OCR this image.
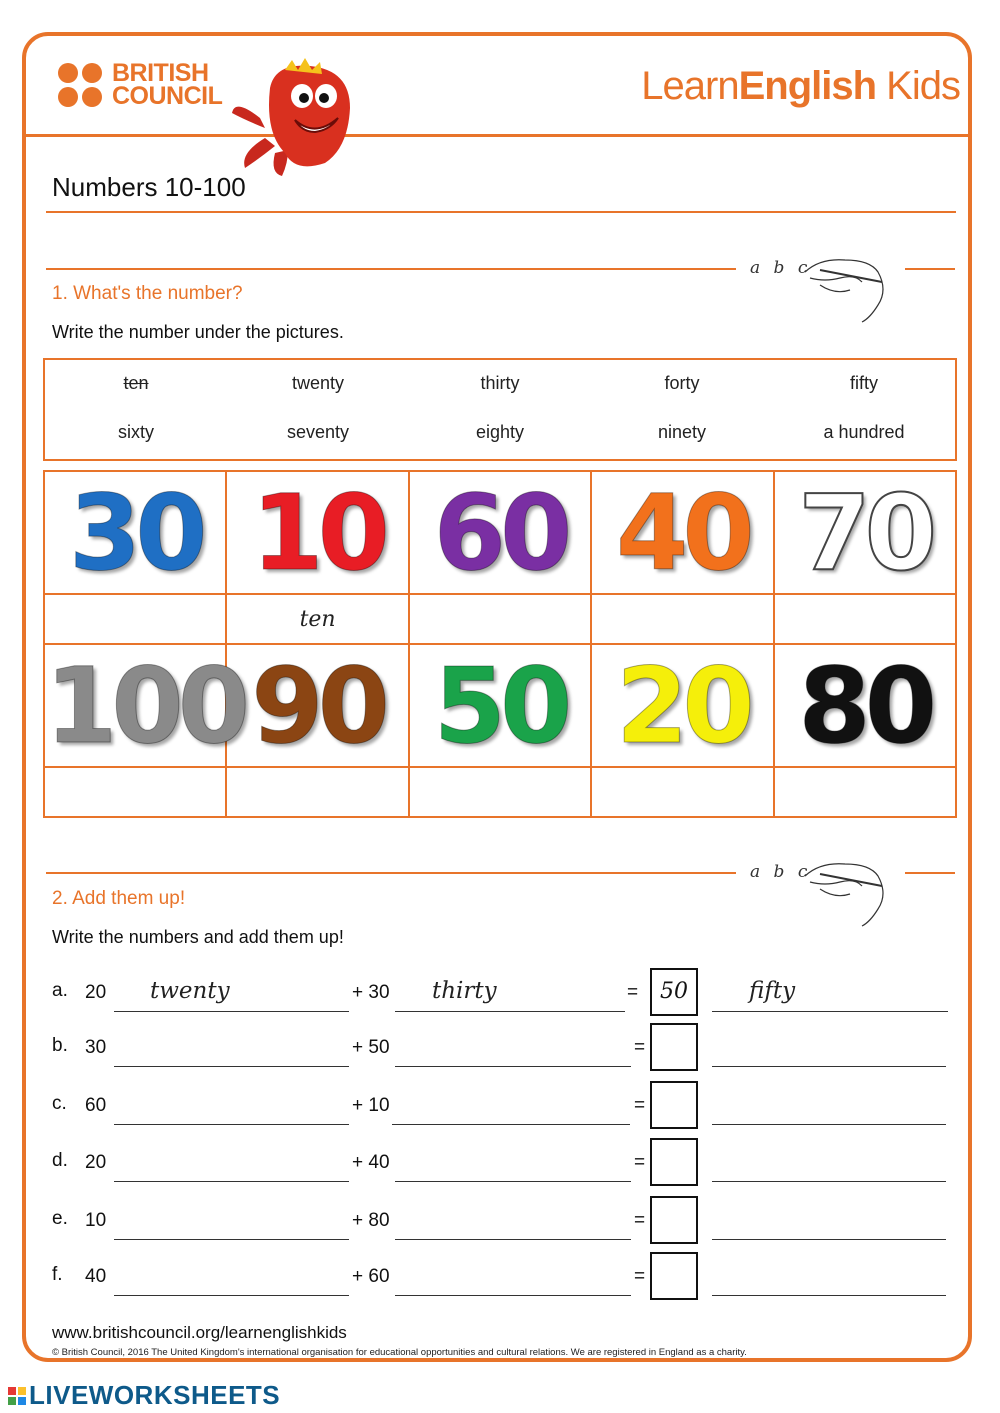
BRITISH
COUNCIL	LearnEnglish Kids
Numbers 10-100
a b c
1. What's the number?
Write the number under the pictures.
ten	twenty	thirty	forty	fifty
sixty	seventy	eighty	ninety	a hundred
30	10	60	40	70
	ten			
100	90	50	20	80

a b c
2. Add them up!
Write the numbers and add them up!
a. 20 twenty	+ 30 thirty	= 50	fifty
b. 30	+ 50	=
c. 60	+ 10	=
d. 20	+ 40	=
e. 10	+ 80	=
f. 40	+ 60	=
www.britishcouncil.org/learnenglishkids
© British Council, 2016 The United Kingdom's international organisation for educational opportunities and cultural relations. We are registered in England as a charity.
LIVEWORKSHEETS
